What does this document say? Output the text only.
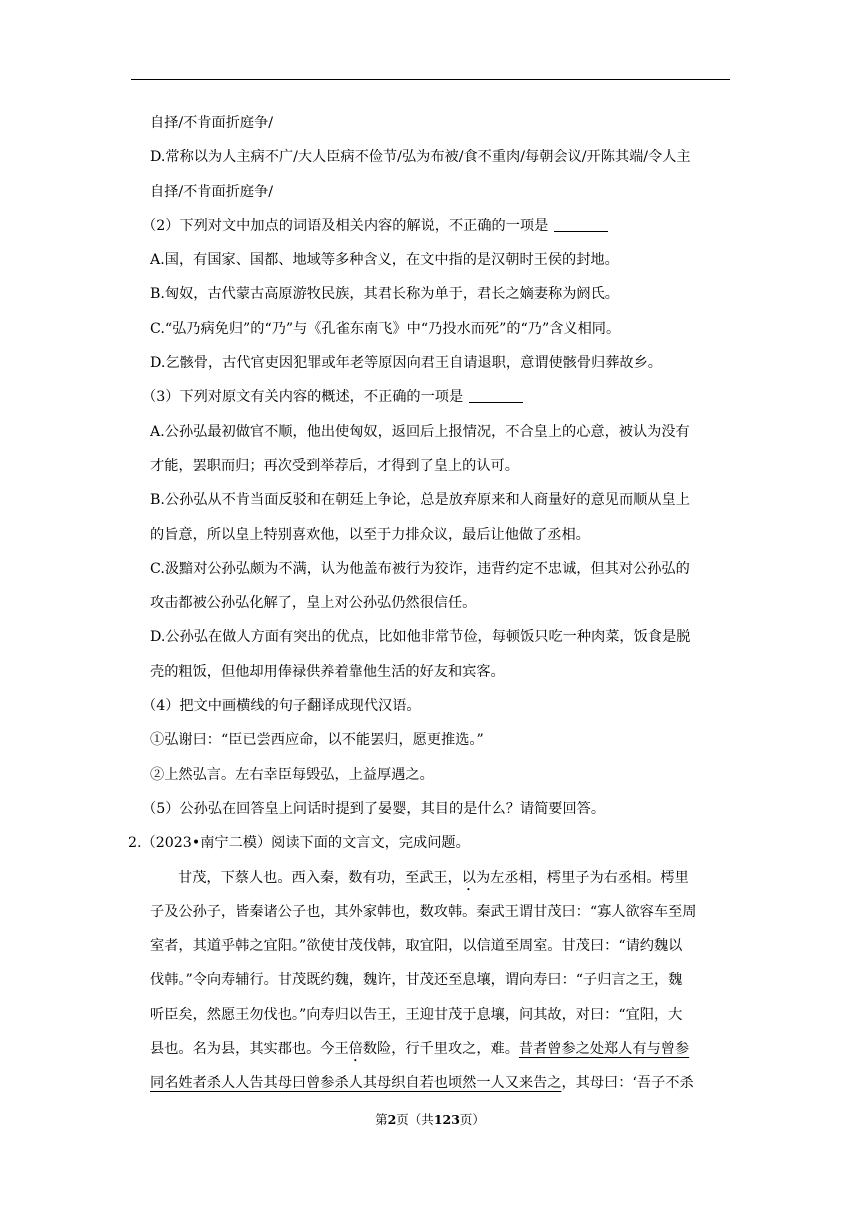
自择/不肯面折庭争/
D.常称以为人主病不广/大人臣病不俭节/弘为布被/食不重肉/每朝会议/开陈其端/令人主
自择/不肯面折庭争/
（2）下列对文中加点的词语及相关内容的解说，不正确的一项是
A.国，有国家、国都、地域等多种含义，在文中指的是汉朝时王侯的封地。
B.匈奴，古代蒙古高原游牧民族，其君长称为单于，君长之嫡妻称为阏氏。
C.“弘乃病免归”的“乃”与《孔雀东南飞》中“乃投水而死”的“乃”含义相同。
D.乞骸骨，古代官吏因犯罪或年老等原因向君王自请退职，意谓使骸骨归葬故乡。
（3）下列对原文有关内容的概述，不正确的一项是
A.公孙弘最初做官不顺，他出使匈奴，返回后上报情况，不合皇上的心意，被认为没有
才能，罢职而归；再次受到举荐后，才得到了皇上的认可。
B.公孙弘从不肯当面反驳和在朝廷上争论，总是放弃原来和人商量好的意见而顺从皇上
的旨意，所以皇上特别喜欢他，以至于力排众议，最后让他做了丞相。
C.汲黯对公孙弘颇为不满，认为他盖布被行为狡诈，违背约定不忠诚，但其对公孙弘的
攻击都被公孙弘化解了，皇上对公孙弘仍然很信任。
D.公孙弘在做人方面有突出的优点，比如他非常节俭，每顿饭只吃一种肉菜，饭食是脱
壳的粗饭，但他却用俸禄供养着靠他生活的好友和宾客。
（4）把文中画横线的句子翻译成现代汉语。
①弘谢曰：“臣已尝西应命，以不能罢归，愿更推选。”
②上然弘言。左右幸臣每毁弘，上益厚遇之。
（5）公孙弘在回答皇上问话时提到了晏婴，其目的是什么？请简要回答。
2.（2023•南宁二模）阅读下面的文言文，完成问题。
甘茂，下蔡人也。西入秦，数有功，至武王，以为左丞相，樗里子为右丞相。樗里
子及公孙子，皆秦诸公子也，其外家韩也，数攻韩。秦武王谓甘茂曰：“寡人欲容车至周
室者，其道乎韩之宜阳。”欲使甘茂伐韩，取宜阳，以信道至周室。甘茂曰：“请约魏以
伐韩。”令向寿辅行。甘茂既约魏，魏许，甘茂还至息壤，谓向寿曰：“子归言之王，魏
听臣矣，然愿王勿伐也。”向寿归以告王，王迎甘茂于息壤，问其故，对曰：“宜阳，大
县也。名为县，其实郡也。今王倍数险，行千里攻之，难。昔者曾参之处郑人有与曾参
同名姓者杀人人告其母曰曾参杀人其母织自若也顷然一人又来告之，其母曰：‘吾子不杀
第2页（共123页）
